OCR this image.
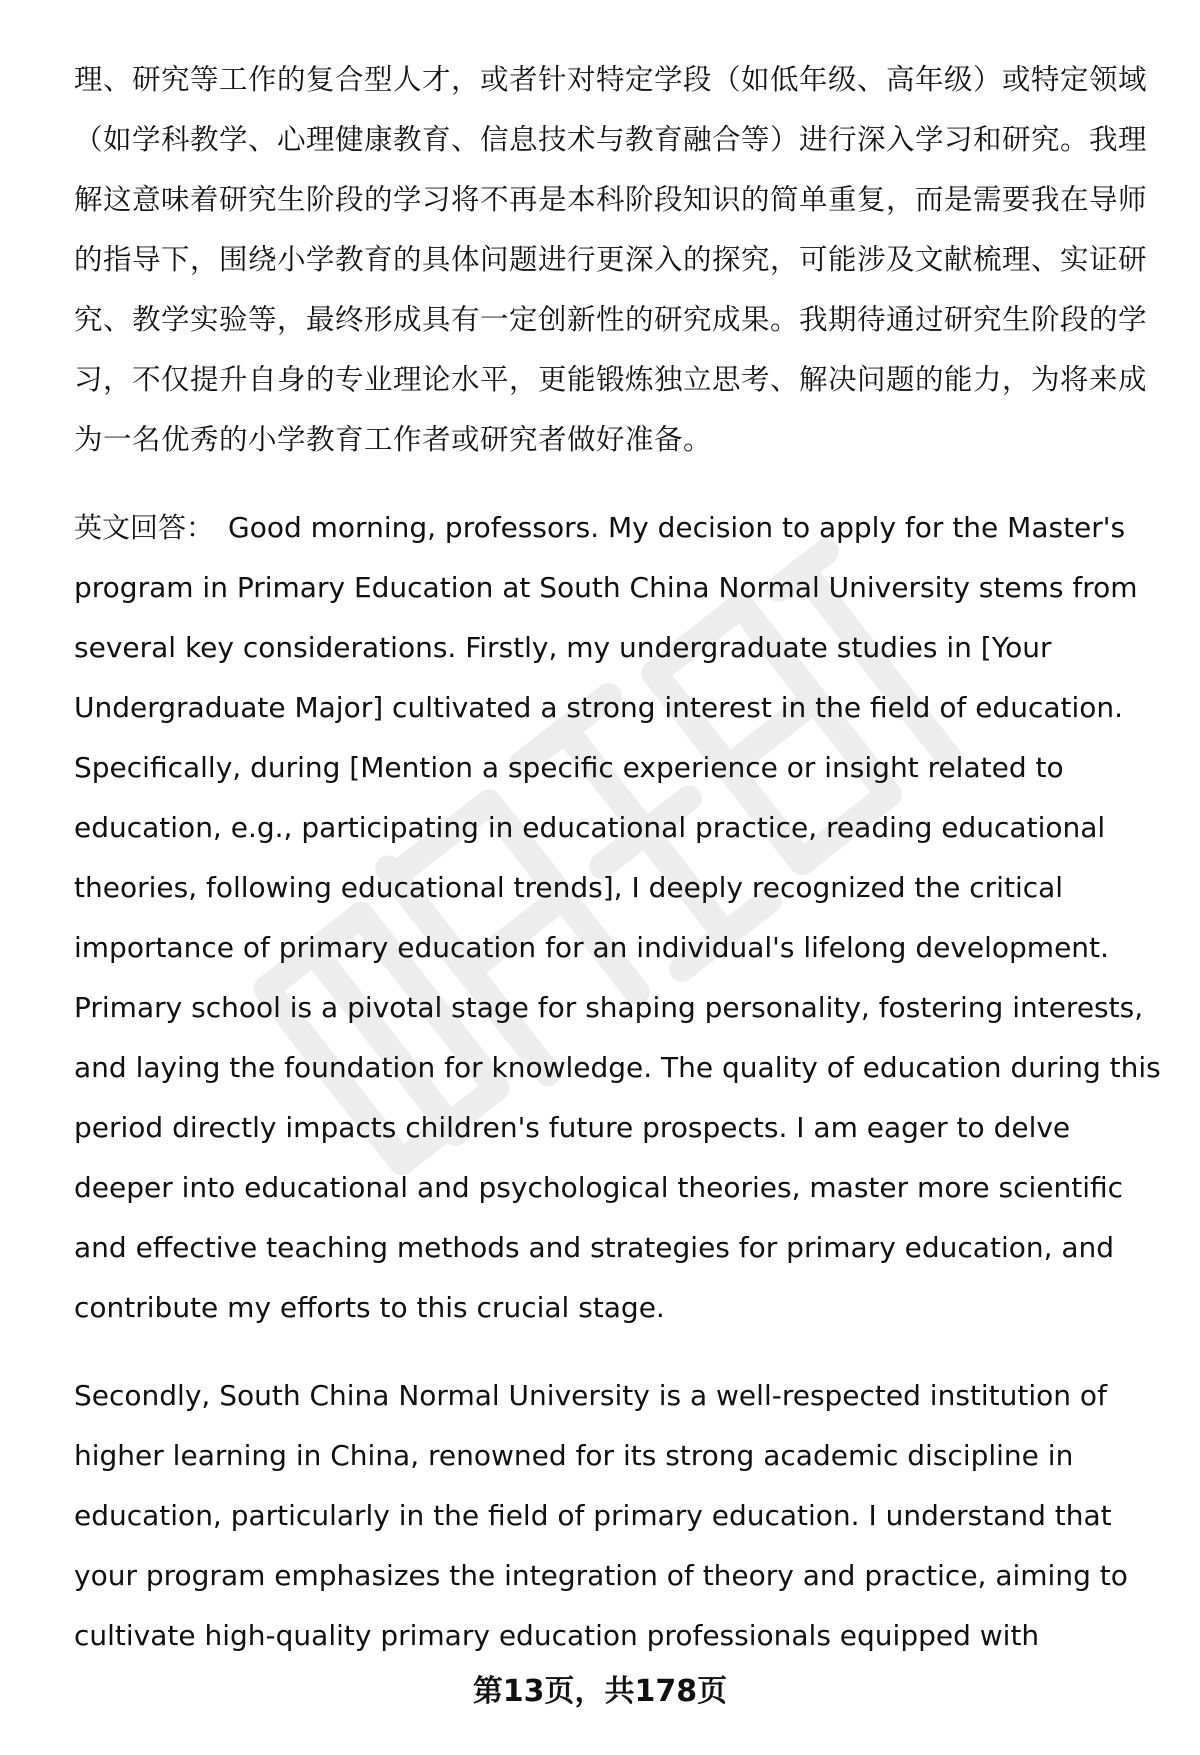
理、研究等工作的复合型人才，或者针对特定学段（如低年级、高年级）或特定领域（如学科教学、心理健康教育、信息技术与教育融合等）进行深入学习和研究。我理解这意味着研究生阶段的学习将不再是本科阶段知识的简单重复，而是需要我在导师的指导下，围绕小学教育的具体问题进行更深入的探究，可能涉及文献梳理、实证研究、教学实验等，最终形成具有一定创新性的研究成果。我期待通过研究生阶段的学习，不仅提升自身的专业理论水平，更能锻炼独立思考、解决问题的能力，为将来成为一名优秀的小学教育工作者或研究者做好准备。

英文回答： Good morning, professors. My decision to apply for the Master's program in Primary Education at South China Normal University stems from several key considerations. Firstly, my undergraduate studies in [Your Undergraduate Major] cultivated a strong interest in the field of education. Specifically, during [Mention a specific experience or insight related to education, e.g., participating in educational practice, reading educational theories, following educational trends], I deeply recognized the critical importance of primary education for an individual's lifelong development. Primary school is a pivotal stage for shaping personality, fostering interests, and laying the foundation for knowledge. The quality of education during this period directly impacts children's future prospects. I am eager to delve deeper into educational and psychological theories, master more scientific and effective teaching methods and strategies for primary education, and contribute my efforts to this crucial stage.

Secondly, South China Normal University is a well-respected institution of higher learning in China, renowned for its strong academic discipline in education, particularly in the field of primary education. I understand that your program emphasizes the integration of theory and practice, aiming to cultivate high-quality primary education professionals equipped with

第13页，共178页
